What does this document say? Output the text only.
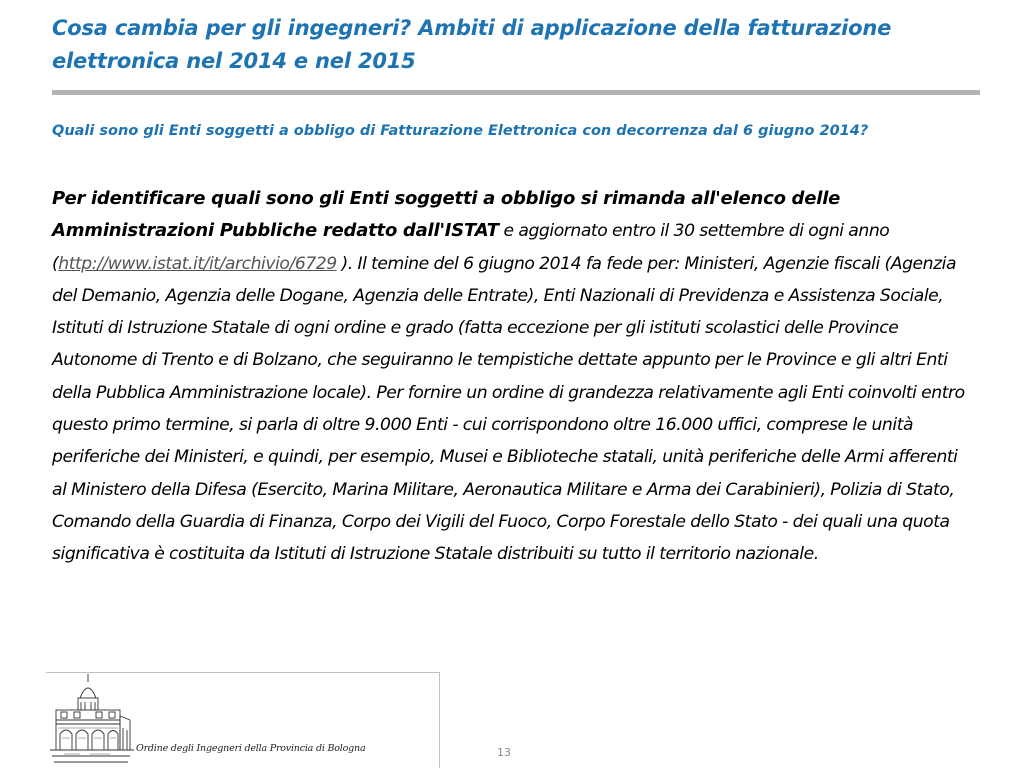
Cosa cambia per gli ingegneri? Ambiti di applicazione della fatturazione elettronica nel 2014 e nel 2015

Quali sono gli Enti soggetti a obbligo di Fatturazione Elettronica con decorrenza dal 6 giugno 2014?

Per identificare quali sono gli Enti soggetti a obbligo si rimanda all'elenco delle Amministrazioni Pubbliche redatto dall'ISTAT e aggiornato entro il 30 settembre di ogni anno (http://www.istat.it/it/archivio/6729 ). Il temine del 6 giugno 2014 fa fede per: Ministeri, Agenzie fiscali (Agenzia del Demanio, Agenzia delle Dogane, Agenzia delle Entrate), Enti Nazionali di Previdenza e Assistenza Sociale, Istituti di Istruzione Statale di ogni ordine e grado (fatta eccezione per gli istituti scolastici delle Province Autonome di Trento e di Bolzano, che seguiranno le tempistiche dettate appunto per le Province e gli altri Enti della Pubblica Amministrazione locale). Per fornire un ordine di grandezza relativamente agli Enti coinvolti entro questo primo termine, si parla di oltre 9.000 Enti - cui corrispondono oltre 16.000 uffici, comprese le unità periferiche dei Ministeri, e quindi, per esempio, Musei e Biblioteche statali, unità periferiche delle Armi afferenti al Ministero della Difesa (Esercito, Marina Militare, Aeronautica Militare e Arma dei Carabinieri), Polizia di Stato, Comando della Guardia di Finanza, Corpo dei Vigili del Fuoco, Corpo Forestale dello Stato - dei quali una quota significativa è costituita da Istituti di Istruzione Statale distribuiti su tutto il territorio nazionale.

Ordine degli Ingegneri della Provincia di Bologna	13
